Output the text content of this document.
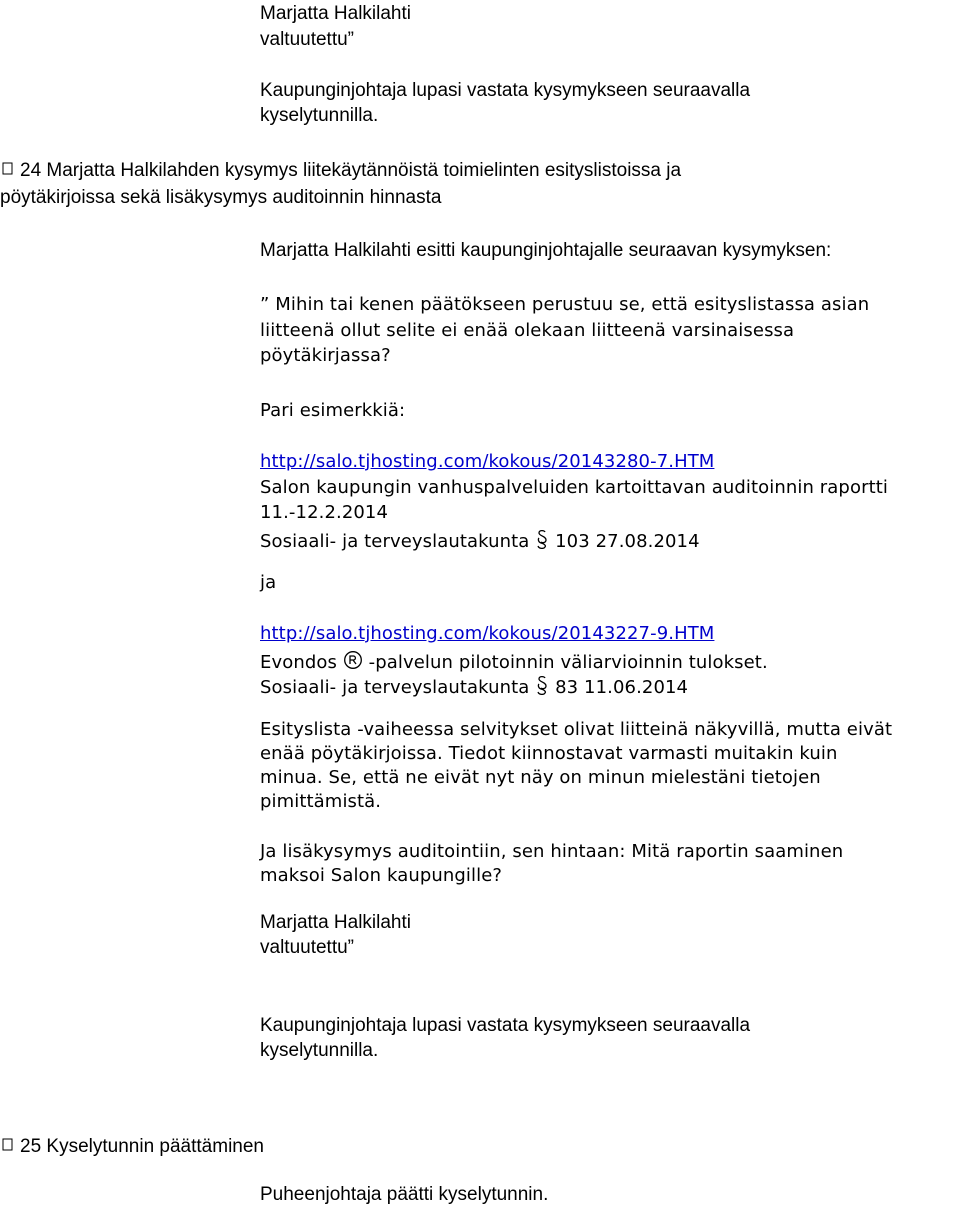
Marjatta Halkilahti
valtuutettu”
Kaupunginjohtaja lupasi vastata kysymykseen seuraavalla
kyselytunnilla.
24 Marjatta Halkilahden kysymys liitekäytännöistä toimielinten esityslistoissa ja
pöytäkirjoissa sekä lisäkysymys auditoinnin hinnasta
Marjatta Halkilahti esitti kaupunginjohtajalle seuraavan kysymyksen:
” Mihin tai kenen päätökseen perustuu se, että esityslistassa asian
liitteenä ollut selite ei enää olekaan liitteenä varsinaisessa
pöytäkirjassa?
Pari esimerkkiä:
http://salo.tjhosting.com/kokous/20143280-7.HTM
Salon kaupungin vanhuspalveluiden kartoittavan auditoinnin raportti
11.-12.2.2014
Sosiaali- ja terveyslautakunta 103 27.08.2014
ja
http://salo.tjhosting.com/kokous/20143227-9.HTM
Evondos -palvelun pilotoinnin väliarvioinnin tulokset.
Sosiaali- ja terveyslautakunta 83 11.06.2014
Esityslista -vaiheessa selvitykset olivat liitteinä näkyvillä, mutta eivät
enää pöytäkirjoissa. Tiedot kiinnostavat varmasti muitakin kuin
minua. Se, että ne eivät nyt näy on minun mielestäni tietojen
pimittämistä.
Ja lisäkysymys auditointiin, sen hintaan: Mitä raportin saaminen
maksoi Salon kaupungille?
Marjatta Halkilahti
valtuutettu”
Kaupunginjohtaja lupasi vastata kysymykseen seuraavalla
kyselytunnilla.
25 Kyselytunnin päättäminen
Puheenjohtaja päätti kyselytunnin.
